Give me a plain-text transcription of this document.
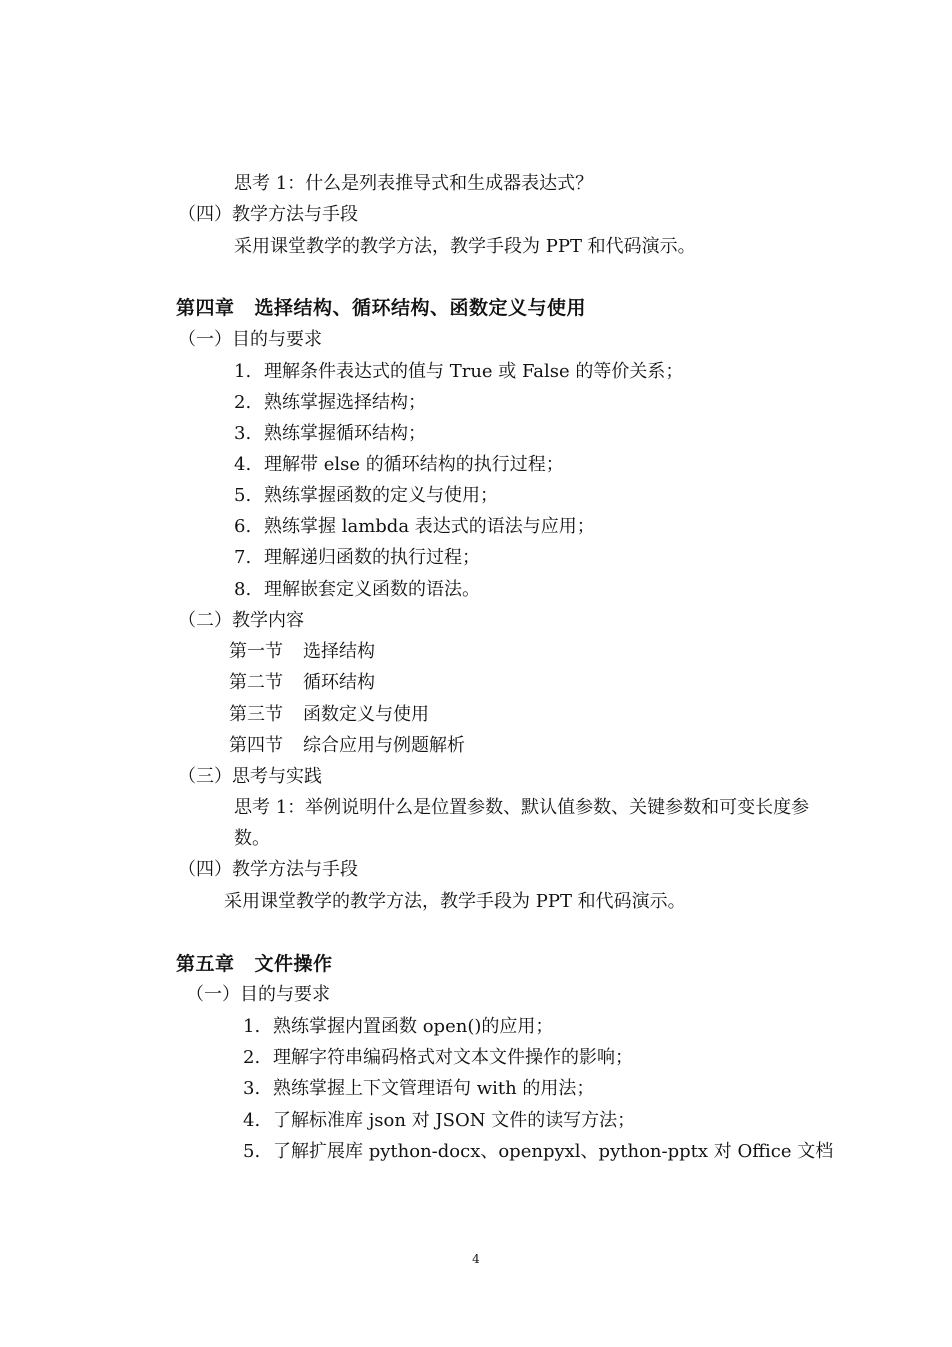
思考 1：什么是列表推导式和生成器表达式？
（四）教学方法与手段
采用课堂教学的教学方法，教学手段为 PPT 和代码演示。
第四章 选择结构、循环结构、函数定义与使用
（一）目的与要求
1. 理解条件表达式的值与 True 或 False 的等价关系；
2. 熟练掌握选择结构；
3. 熟练掌握循环结构；
4. 理解带 else 的循环结构的执行过程；
5. 熟练掌握函数的定义与使用；
6. 熟练掌握 lambda 表达式的语法与应用；
7. 理解递归函数的执行过程；
8. 理解嵌套定义函数的语法。
（二）教学内容
第一节 选择结构
第二节 循环结构
第三节 函数定义与使用
第四节 综合应用与例题解析
（三）思考与实践
思考 1：举例说明什么是位置参数、默认值参数、关键参数和可变长度参
数。
（四）教学方法与手段
采用课堂教学的教学方法，教学手段为 PPT 和代码演示。
第五章 文件操作
（一）目的与要求
1. 熟练掌握内置函数 open()的应用；
2. 理解字符串编码格式对文本文件操作的影响；
3. 熟练掌握上下文管理语句 with 的用法；
4. 了解标准库 json 对 JSON 文件的读写方法；
5. 了解扩展库 python-docx、openpyxl、python-pptx 对 Office 文档
4
